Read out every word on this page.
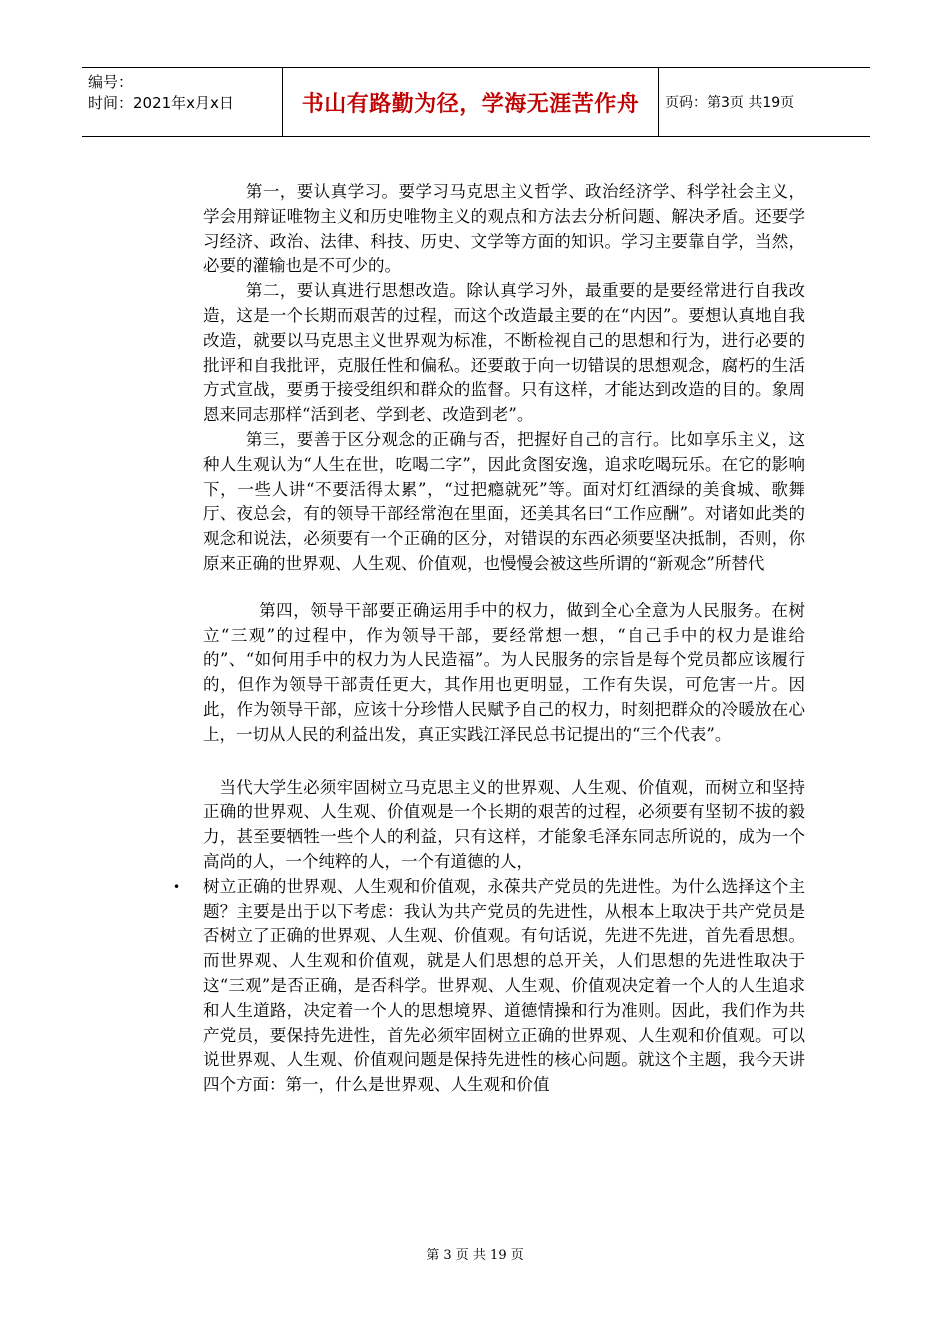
编号：
时间：2021年x月x日	书山有路勤为径，学海无涯苦作舟	页码：第3页 共19页

第一，要认真学习。要学习马克思主义哲学、政治经济学、科学社会主义，学会用辩证唯物主义和历史唯物主义的观点和方法去分析问题、解决矛盾。还要学习经济、政治、法律、科技、历史、文学等方面的知识。学习主要靠自学，当然，必要的灌输也是不可少的。

第二，要认真进行思想改造。除认真学习外，最重要的是要经常进行自我改造，这是一个长期而艰苦的过程，而这个改造最主要的在“内因”。要想认真地自我改造，就要以马克思主义世界观为标准，不断检视自己的思想和行为，进行必要的批评和自我批评，克服任性和偏私。还要敢于向一切错误的思想观念，腐朽的生活方式宣战，要勇于接受组织和群众的监督。只有这样，才能达到改造的目的。象周恩来同志那样“活到老、学到老、改造到老”。

第三，要善于区分观念的正确与否，把握好自己的言行。比如享乐主义，这种人生观认为“人生在世，吃喝二字”，因此贪图安逸，追求吃喝玩乐。在它的影响下，一些人讲“不要活得太累”，“过把瘾就死”等。面对灯红酒绿的美食城、歌舞厅、夜总会，有的领导干部经常泡在里面，还美其名曰“工作应酬”。对诸如此类的观念和说法，必须要有一个正确的区分，对错误的东西必须要坚决抵制，否则，你原来正确的世界观、人生观、价值观，也慢慢会被这些所谓的“新观念”所替代

第四，领导干部要正确运用手中的权力，做到全心全意为人民服务。在树立“三观”的过程中，作为领导干部，要经常想一想，“自己手中的权力是谁给的”、“如何用手中的权力为人民造福”。为人民服务的宗旨是每个党员都应该履行的，但作为领导干部责任更大，其作用也更明显，工作有失误，可危害一片。因此，作为领导干部，应该十分珍惜人民赋予自己的权力，时刻把群众的冷暖放在心上，一切从人民的利益出发，真正实践江泽民总书记提出的“三个代表”。

当代大学生必须牢固树立马克思主义的世界观、人生观、价值观，而树立和坚持正确的世界观、人生观、价值观是一个长期的艰苦的过程，必须要有坚韧不拔的毅力，甚至要牺牲一些个人的利益，只有这样，才能象毛泽东同志所说的，成为一个高尚的人，一个纯粹的人，一个有道德的人，

• 树立正确的世界观、人生观和价值观，永葆共产党员的先进性。为什么选择这个主题？主要是出于以下考虑：我认为共产党员的先进性，从根本上取决于共产党员是否树立了正确的世界观、人生观、价值观。有句话说，先进不先进，首先看思想。而世界观、人生观和价值观，就是人们思想的总开关，人们思想的先进性取决于这“三观”是否正确，是否科学。世界观、人生观、价值观决定着一个人的人生追求和人生道路，决定着一个人的思想境界、道德情操和行为准则。因此，我们作为共产党员，要保持先进性，首先必须牢固树立正确的世界观、人生观和价值观。可以说世界观、人生观、价值观问题是保持先进性的核心问题。就这个主题，我今天讲四个方面：第一，什么是世界观、人生观和价值

第 3 页 共 19 页
